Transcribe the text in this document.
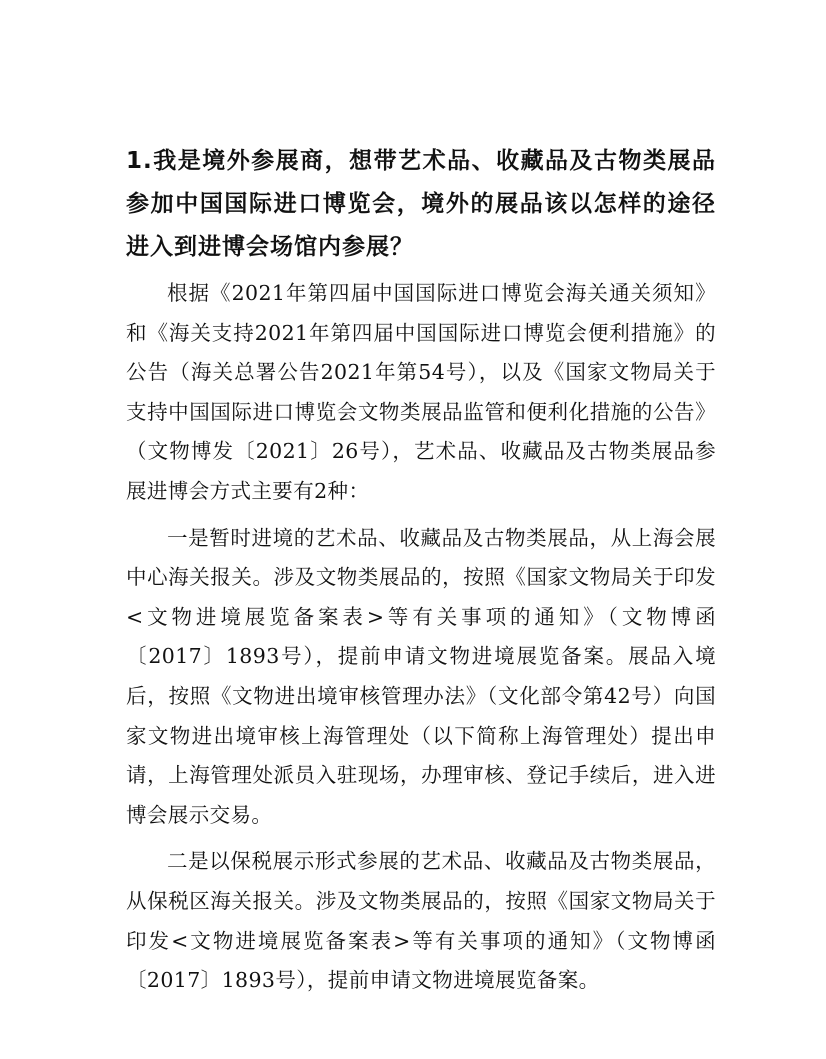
1.我是境外参展商，想带艺术品、收藏品及古物类展品参加中国国际进口博览会，境外的展品该以怎样的途径进入到进博会场馆内参展？

根据《2021年第四届中国国际进口博览会海关通关须知》和《海关支持2021年第四届中国国际进口博览会便利措施》的公告（海关总署公告2021年第54号），以及《国家文物局关于支持中国国际进口博览会文物类展品监管和便利化措施的公告》（文物博发〔2021〕26号），艺术品、收藏品及古物类展品参展进博会方式主要有2种：

一是暂时进境的艺术品、收藏品及古物类展品，从上海会展中心海关报关。涉及文物类展品的，按照《国家文物局关于印发<文物进境展览备案表>等有关事项的通知》（文物博函〔2017〕1893号），提前申请文物进境展览备案。展品入境后，按照《文物进出境审核管理办法》（文化部令第42号）向国家文物进出境审核上海管理处（以下简称上海管理处）提出申请，上海管理处派员入驻现场，办理审核、登记手续后，进入进博会展示交易。

二是以保税展示形式参展的艺术品、收藏品及古物类展品，从保税区海关报关。涉及文物类展品的，按照《国家文物局关于印发<文物进境展览备案表>等有关事项的通知》（文物博函〔2017〕1893号），提前申请文物进境展览备案。
